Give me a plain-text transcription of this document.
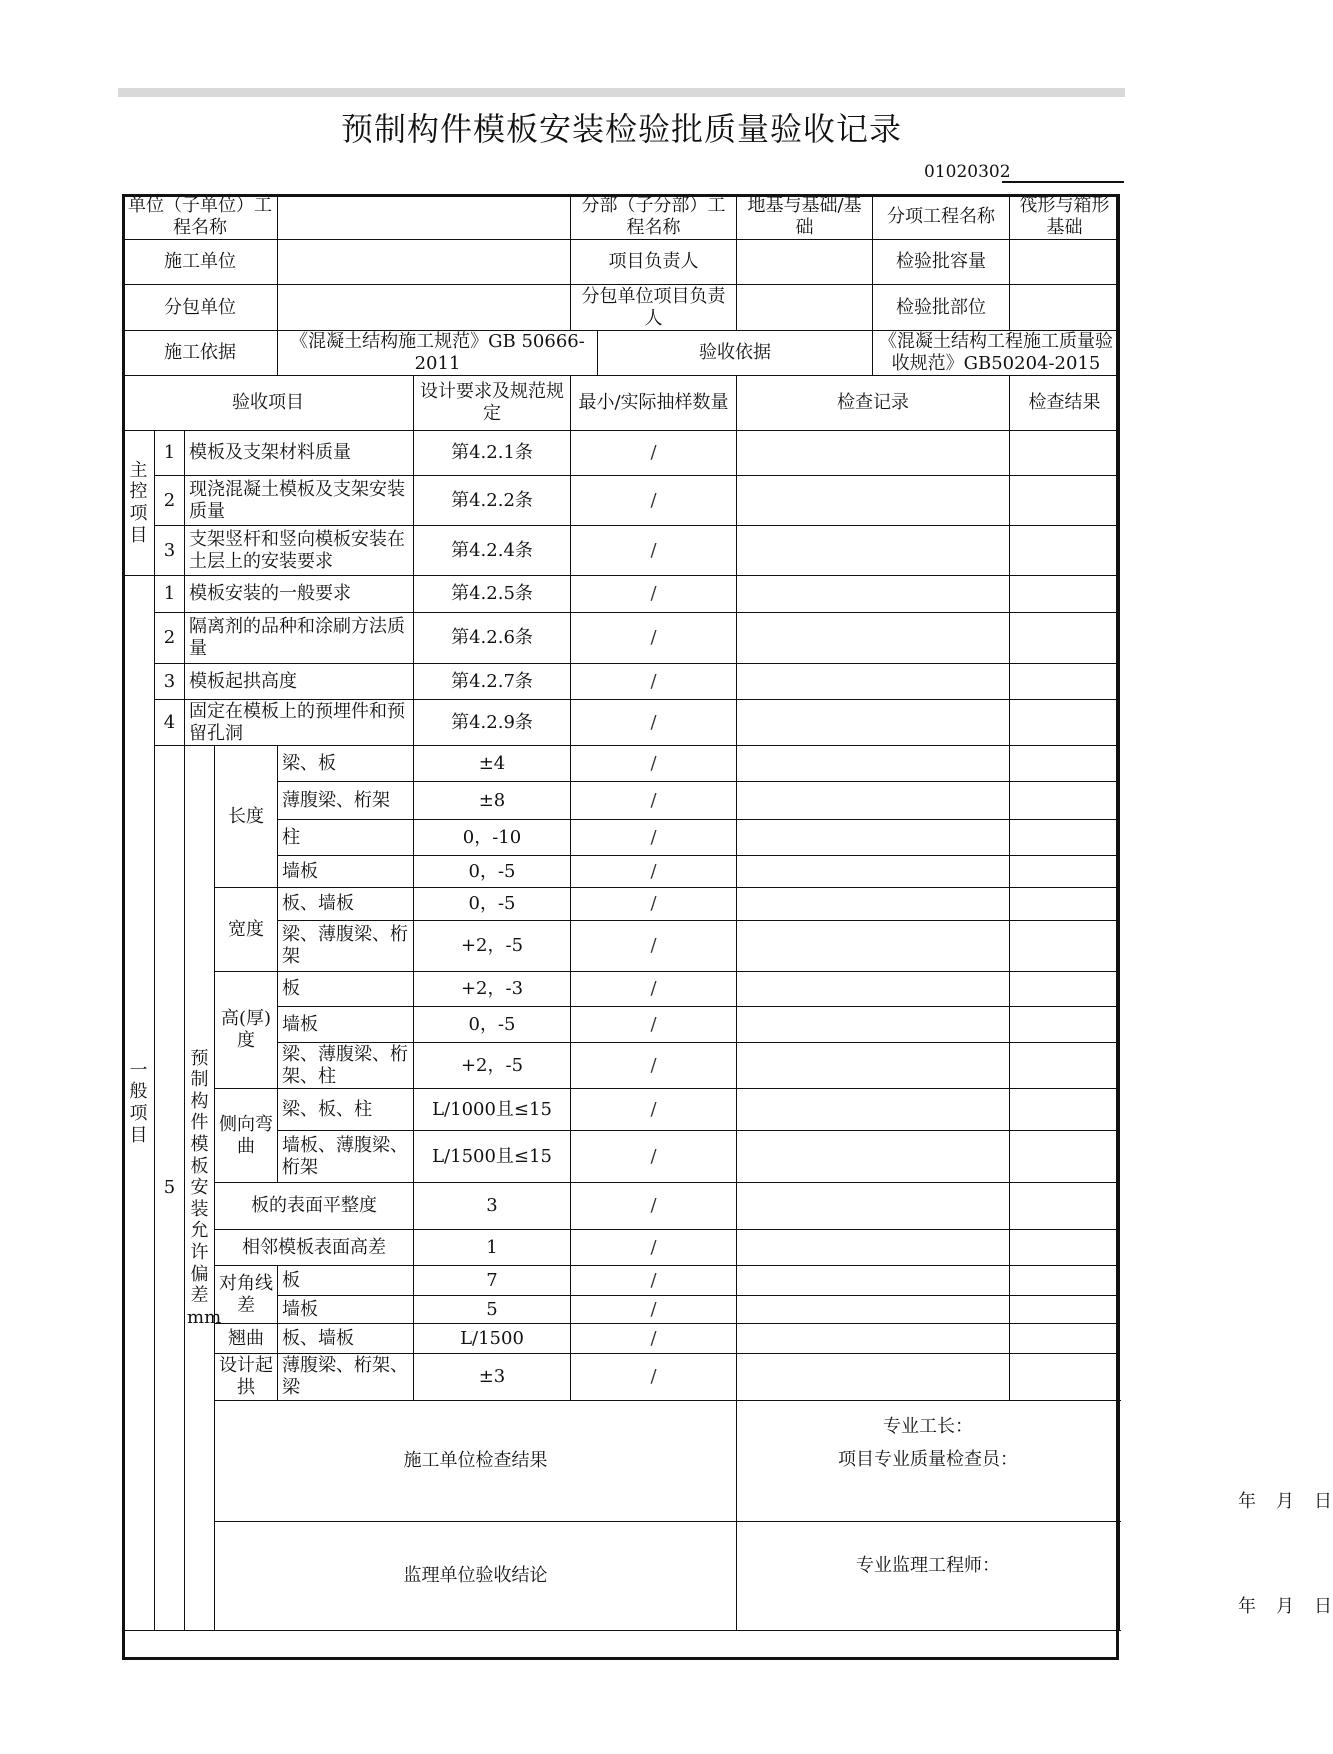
预制构件模板安装检验批质量验收记录
01020302
单位（子单位）工程名称						分部（子分部）工程名称		地基与基础/基础	分项工程名称	筏形与箱形基础
施工单位						项目负责人			检验批容量	
分包单位						分包单位项目负责人			检验批部位	
施工依据				《混凝土结构施工规范》GB 50666-2011			验收依据		《混凝土结构工程施工质量验收规范》GB50204-2015	
验收项目					设计要求及规范规定	最小/实际抽样数量		检查记录		检查结果
主控项目	1	模板及支架材料质量			第4.2.1条	/				
	2	现浇混凝土模板及支架安装质量			第4.2.2条	/				
	3	支架竖杆和竖向模板安装在土层上的安装要求			第4.2.4条	/				
一般项目	1	模板安装的一般要求			第4.2.5条	/				
	2	隔离剂的品种和涂刷方法质量			第4.2.6条	/				
	3	模板起拱高度			第4.2.7条	/				
	4	固定在模板上的预埋件和预留孔洞			第4.2.9条	/				
	5	预制构件模板安装允许偏差mm	长度	梁、板	±4	/				
				薄腹梁、桁架	±8	/				
				柱	0，-10	/				
				墙板	0，-5	/				
			宽度	板、墙板	0，-5	/				
				梁、薄腹梁、桁架	+2，-5	/				
			高(厚)度	板	+2，-3	/				
				墙板	0，-5	/				
				梁、薄腹梁、桁架、柱	+2，-5	/				
			侧向弯曲	梁、板、柱	L/1000且≤15	/				
				墙板、薄腹梁、桁架	L/1500且≤15	/				
			板的表面平整度		3	/				
			相邻模板表面高差		1	/				
			对角线差	板	7	/				
				墙板	5	/				
			翘曲	板、墙板	L/1500	/				
			设计起拱	薄腹梁、桁架、梁	±3	/				
			施工单位检查结果					专业工长：
项目专业质量检查员：
年　月　日		

			监理单位验收结论					专业监理工程师：
年　月　日		
